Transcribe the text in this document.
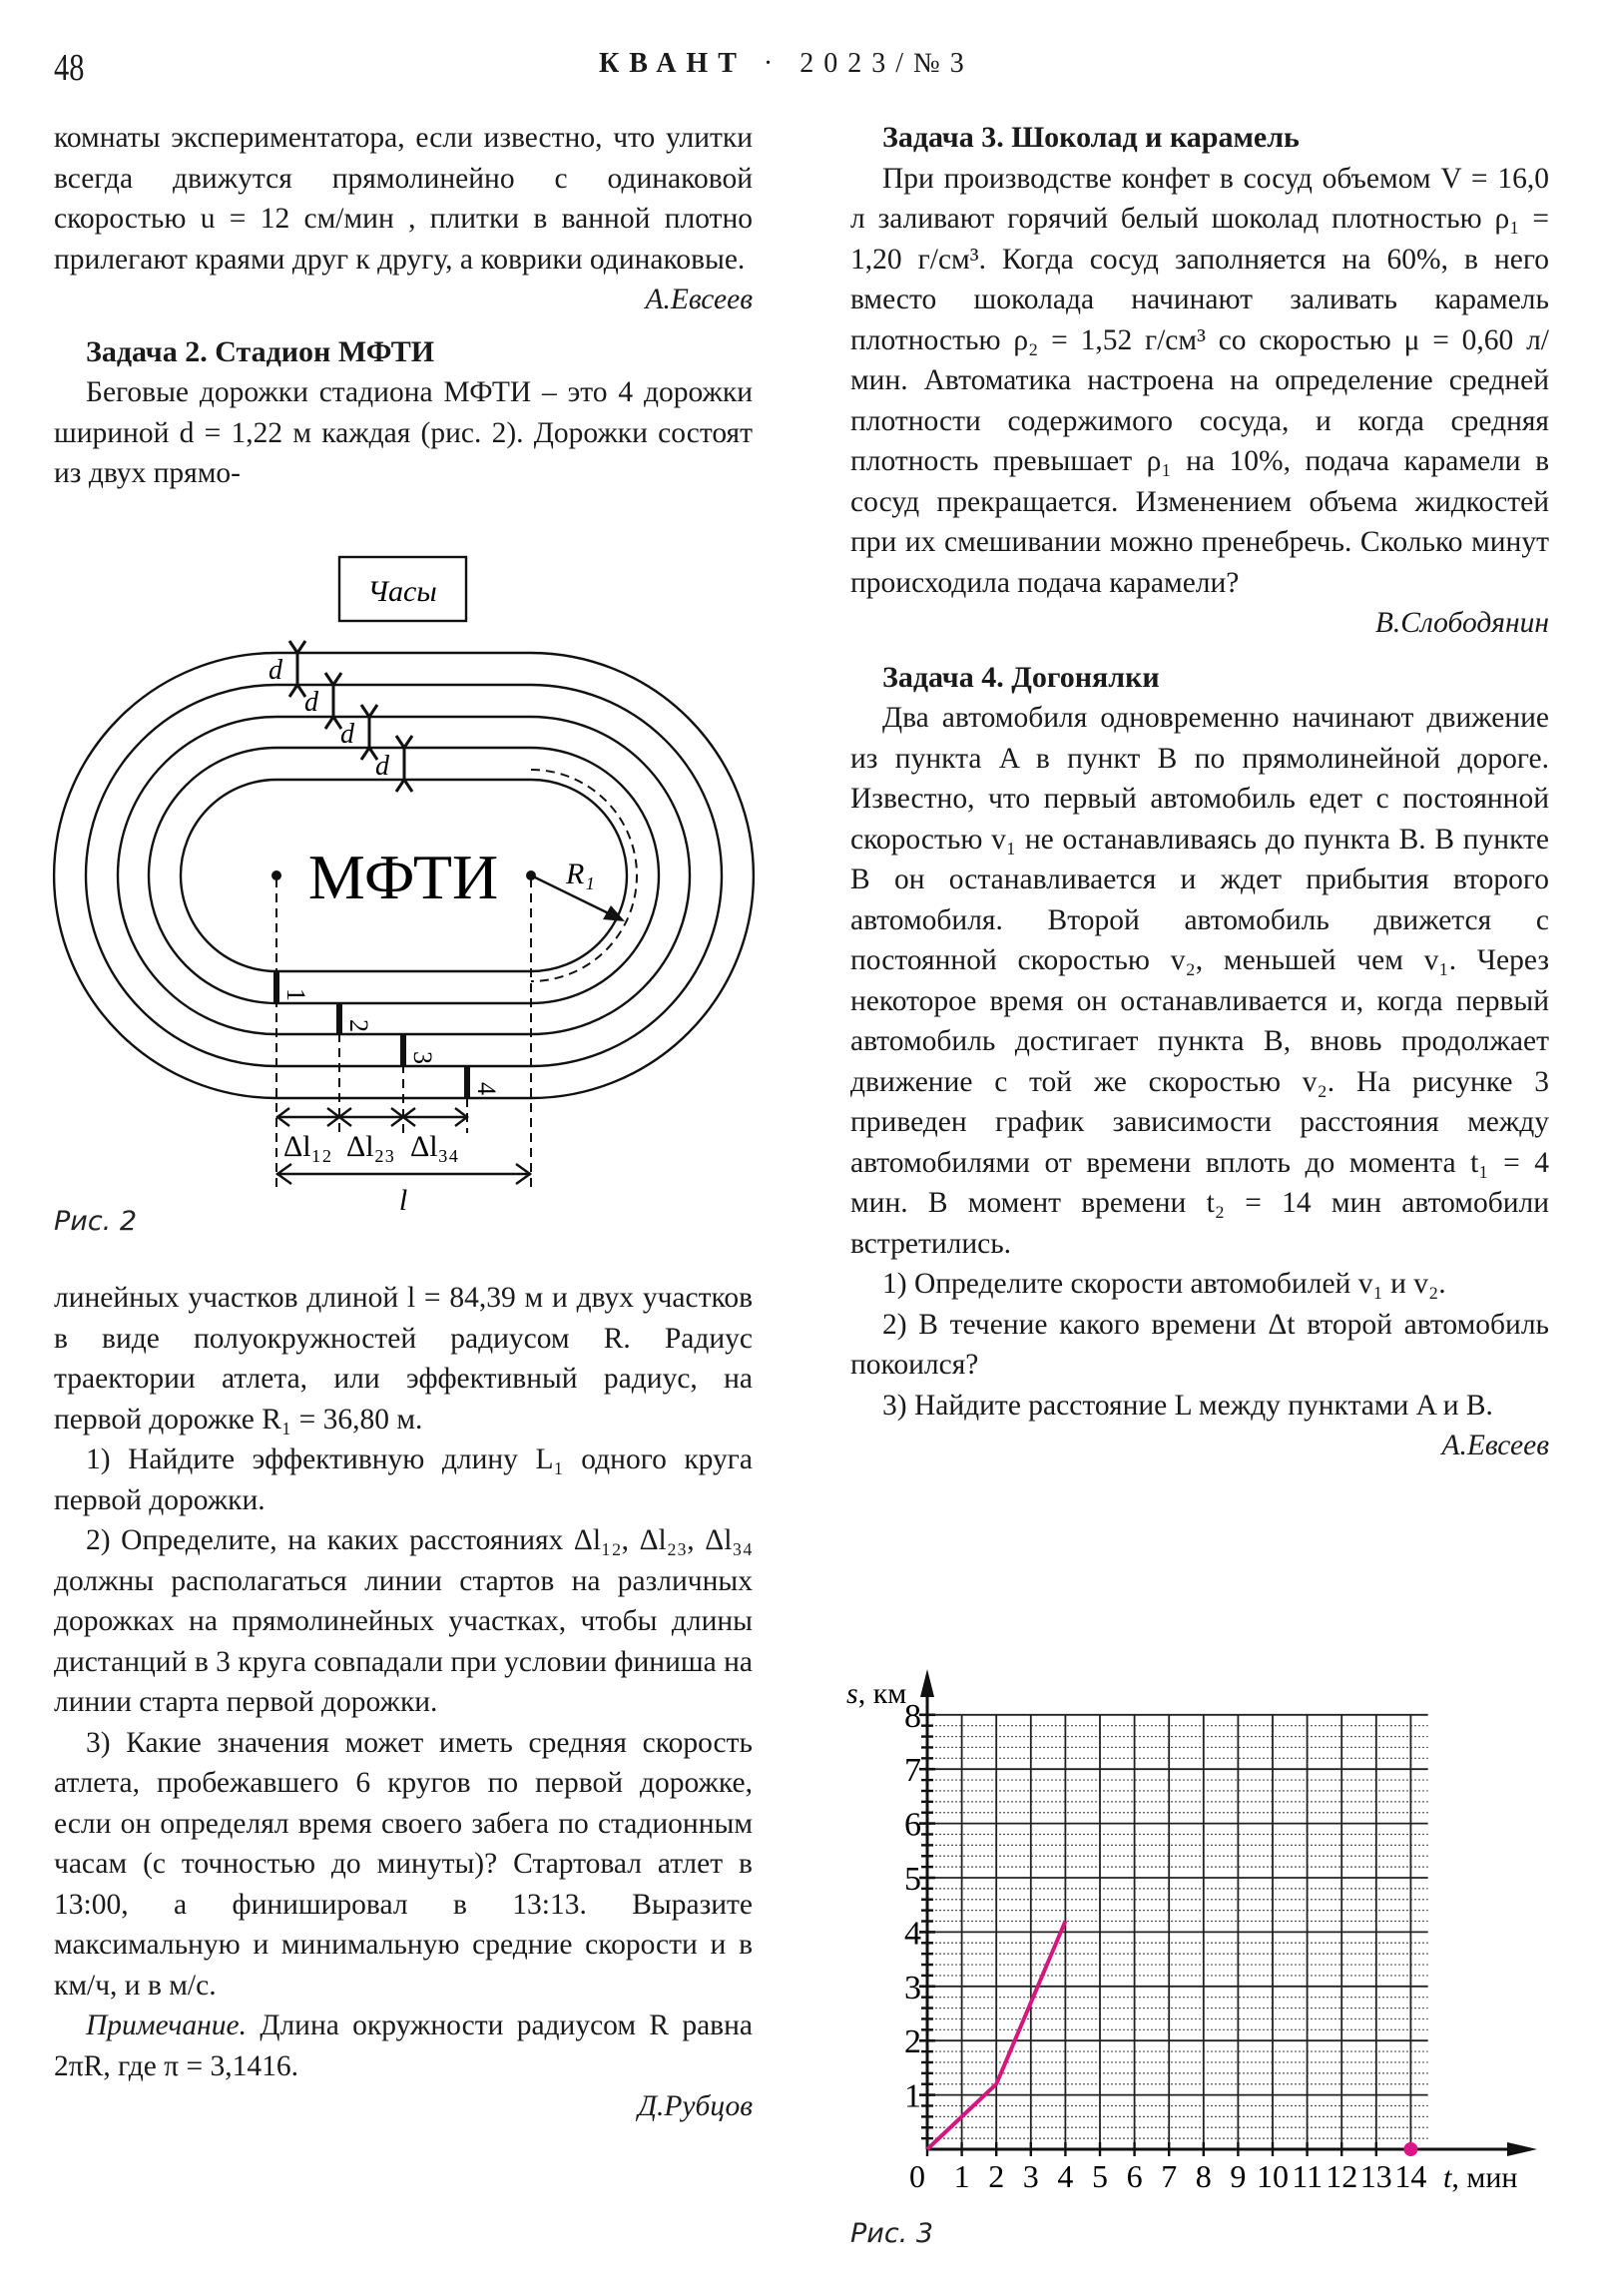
48	КВАНТ · 2023/№3

комнаты экспериментатора, если известно, что улитки всегда движутся прямолинейно с одинаковой скоростью u = 12 см/мин , плитки в ванной плотно прилегают краями друг к другу, а коврики одинаковые.

А.Евсеев
Задача 2. Стадион МФТИ

Беговые дорожки стадиона МФТИ – это 4 дорожки шириной d = 1,22 м каждая (рис. 2). Дорожки состоят из двух прямо-

Часы
d
d
d
d
МФТИ R₁
1
2
3
4
Δl₁₂ Δl₂₃ Δl₃₄
l
Рис. 2

линейных участков длиной l = 84,39 м и двух участков в виде полуокружностей радиусом R. Радиус траектории атлета, или эффективный радиус, на первой дорожке R₁ = 36,80 м.

1) Найдите эффективную длину L₁ одного круга первой дорожки.

2) Определите, на каких расстояниях Δl₁₂, Δl₂₃, Δl₃₄ должны располагаться линии стартов на различных дорожках на прямолинейных участках, чтобы длины дистанций в 3 круга совпадали при условии финиша на линии старта первой дорожки.

3) Какие значения может иметь средняя скорость атлета, пробежавшего 6 кругов по первой дорожке, если он определял время своего забега по стадионным часам (с точностью до минуты)? Стартовал атлет в 13:00, а финишировал в 13:13. Выразите максимальную и минимальную средние скорости и в км/ч, и в м/с.

Примечание. Длина окружности радиусом R равна 2πR, где π = 3,1416.

Д.Рубцов
Задача 3. Шоколад и карамель

При производстве конфет в сосуд объемом V = 16,0 л заливают горячий белый шоколад плотностью ρ₁ = 1,20 г/см³. Когда сосуд заполняется на 60%, в него вместо шоколада начинают заливать карамель плотностью ρ₂ = 1,52 г/см³ со скоростью μ = 0,60 л/мин. Автоматика настроена на определение средней плотности содержимого сосуда, и когда средняя плотность превышает ρ₁ на 10%, подача карамели в сосуд прекращается. Изменением объема жидкостей при их смешивании можно пренебречь. Сколько минут происходила подача карамели?

В.Слободянин
Задача 4. Догонялки

Два автомобиля одновременно начинают движение из пункта A в пункт B по прямолинейной дороге. Известно, что первый автомобиль едет с постоянной скоростью v₁ не останавливаясь до пункта B. В пункте B он останавливается и ждет прибытия второго автомобиля. Второй автомобиль движется с постоянной скоростью v₂, меньшей чем v₁. Через некоторое время он останавливается и, когда первый автомобиль достигает пункта B, вновь продолжает движение с той же скоростью v₂. На рисунке 3 приведен график зависимости расстояния между автомобилями от времени вплоть до момента t₁ = 4 мин. В момент времени t₂ = 14 мин автомобили встретились.

1) Определите скорости автомобилей v₁ и v₂.

2) В течение какого времени Δt второй автомобиль покоился?

3) Найдите расстояние L между пунктами A и B.

А.Евсеев
1
2
3
4
5
6
7
8
0 1 2 3 4 5 6 7 8 9 10 11 12 13 14
s, км
t, мин
Рис. 3
